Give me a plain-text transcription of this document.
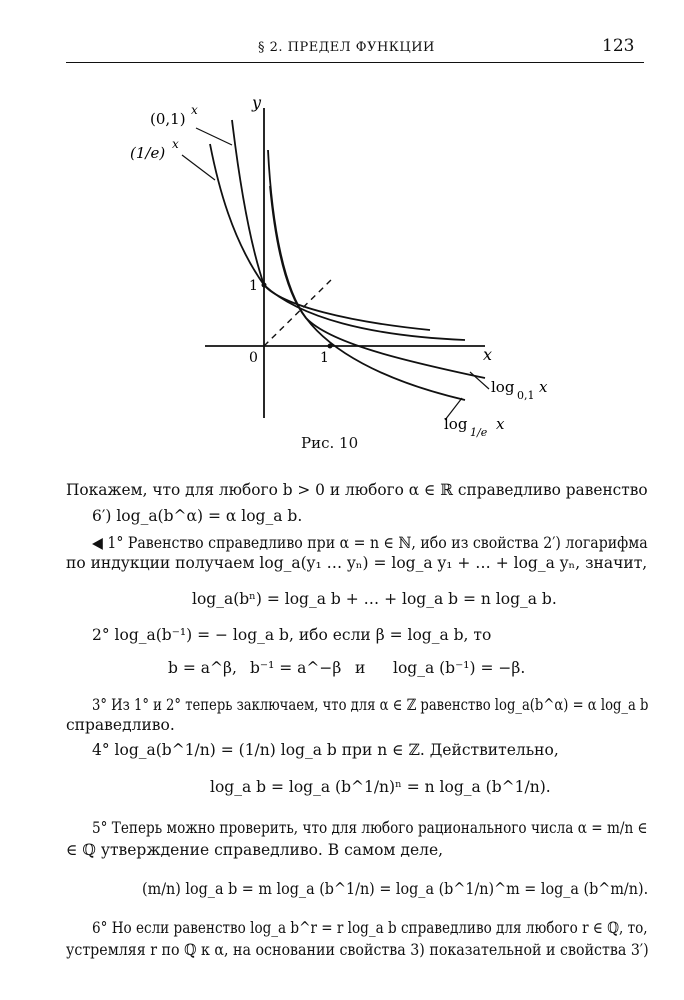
§ 2. ПРЕДЕЛ ФУНКЦИИ	123
y
x
0	1
1
(0,1) x
(1/e) x
log 0,1 x
log 1/e x
Рис. 10
Покажем, что для любого b > 0 и любого α ∈ ℝ справедливо равенство
6′) log_a(b^α) = α log_a b.
◀ 1° Равенство справедливо при α = n ∈ ℕ, ибо из свойства 2′) логарифма
по индукции получаем log_a(y₁ … yₙ) = log_a y₁ + … + log_a yₙ, значит,
log_a(bⁿ) = log_a b + … + log_a b = n log_a b.
2° log_a(b⁻¹) = − log_a b, ибо если β = log_a b, то
b = a^β, b⁻¹ = a^−β и log_a (b⁻¹) = −β.
3° Из 1° и 2° теперь заключаем, что для α ∈ ℤ равенство log_a(b^α) = α log_a b
справедливо.
4° log_a(b^1/n) = (1/n) log_a b при n ∈ ℤ. Действительно,
log_a b = log_a (b^1/n)ⁿ = n log_a (b^1/n).
5° Теперь можно проверить, что для любого рационального числа α = m/n ∈
∈ ℚ утверждение справедливо. В самом деле,
(m/n) log_a b = m log_a (b^1/n) = log_a (b^1/n)^m = log_a (b^m/n).
6° Но если равенство log_a b^r = r log_a b справедливо для любого r ∈ ℚ, то,
устремляя r по ℚ к α, на основании свойства 3) показательной и свойства 3′)
